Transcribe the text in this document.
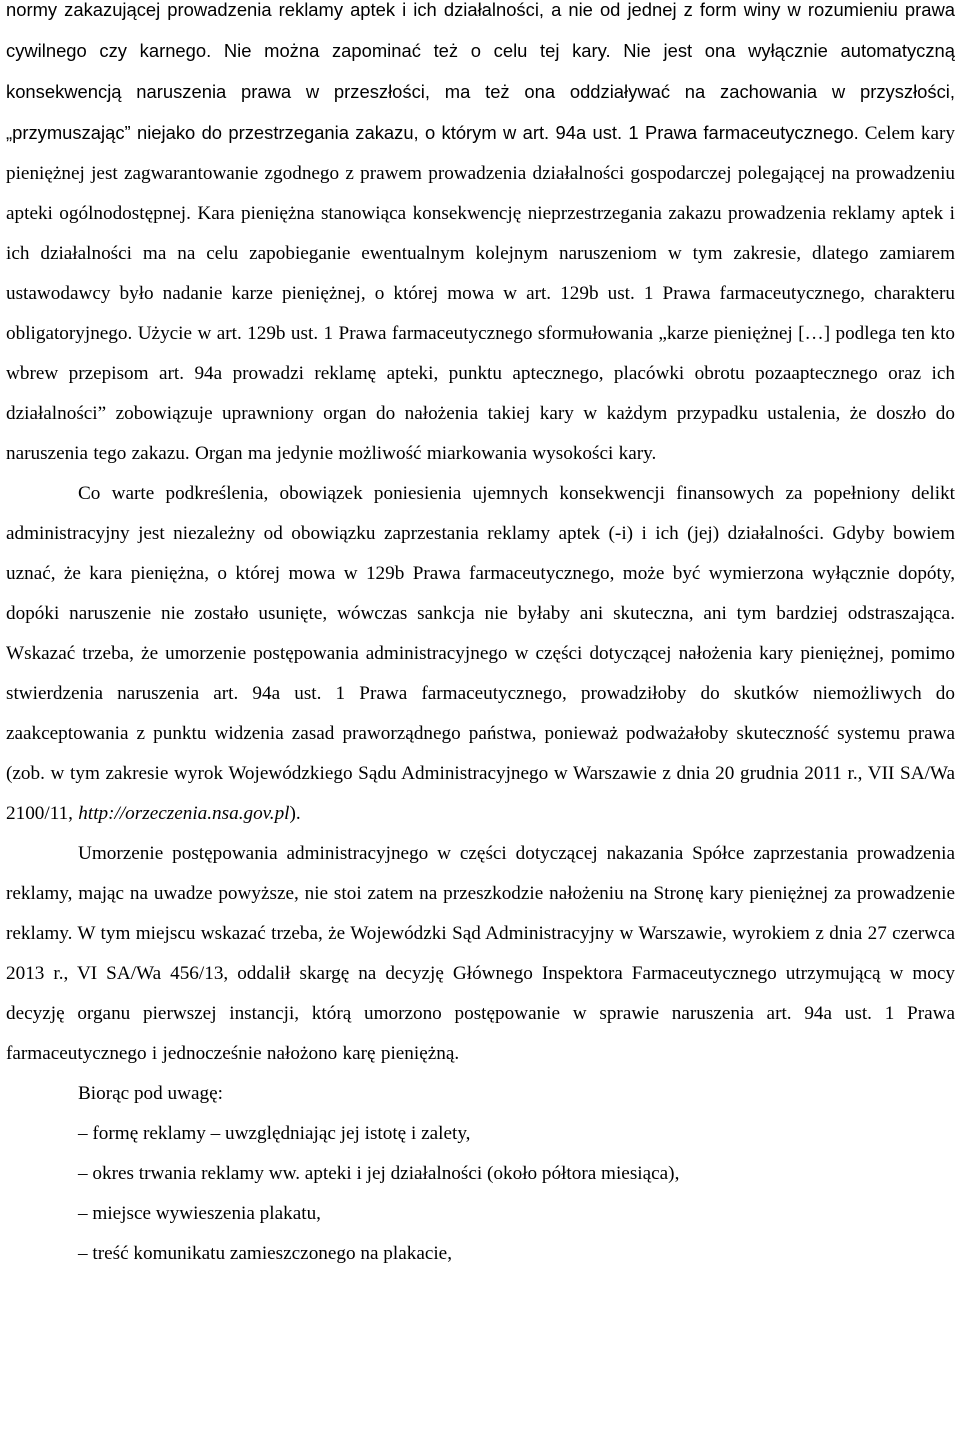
normy zakazującej prowadzenia reklamy aptek i ich działalności, a nie od jednej z form winy w rozumieniu prawa cywilnego czy karnego. Nie można zapominać też o celu tej kary. Nie jest ona wyłącznie automatyczną konsekwencją naruszenia prawa w przeszłości, ma też ona oddziaływać na zachowania w przyszłości, „przymuszając” niejako do przestrzegania zakazu, o którym w art. 94a ust. 1 Prawa farmaceutycznego. Celem kary pieniężnej jest zagwarantowanie zgodnego z prawem prowadzenia działalności gospodarczej polegającej na prowadzeniu apteki ogólnodostępnej. Kara pieniężna stanowiąca konsekwencję nieprzestrzegania zakazu prowadzenia reklamy aptek i ich działalności ma na celu zapobieganie ewentualnym kolejnym naruszeniom w tym zakresie, dlatego zamiarem ustawodawcy było nadanie karze pieniężnej, o której mowa w art. 129b ust. 1 Prawa farmaceutycznego, charakteru obligatoryjnego. Użycie w art. 129b ust. 1 Prawa farmaceutycznego sformułowania „karze pieniężnej […] podlega ten kto wbrew przepisom art. 94a prowadzi reklamę apteki, punktu aptecznego, placówki obrotu pozaaptecznego oraz ich działalności” zobowiązuje uprawniony organ do nałożenia takiej kary w każdym przypadku ustalenia, że doszło do naruszenia tego zakazu. Organ ma jedynie możliwość miarkowania wysokości kary.

Co warte podkreślenia, obowiązek poniesienia ujemnych konsekwencji finansowych za popełniony delikt administracyjny jest niezależny od obowiązku zaprzestania reklamy aptek (-i) i ich (jej) działalności. Gdyby bowiem uznać, że kara pieniężna, o której mowa w 129b Prawa farmaceutycznego, może być wymierzona wyłącznie dopóty, dopóki naruszenie nie zostało usunięte, wówczas sankcja nie byłaby ani skuteczna, ani tym bardziej odstraszająca. Wskazać trzeba, że umorzenie postępowania administracyjnego w części dotyczącej nałożenia kary pieniężnej, pomimo stwierdzenia naruszenia art. 94a ust. 1 Prawa farmaceutycznego, prowadziłoby do skutków niemożliwych do zaakceptowania z punktu widzenia zasad praworządnego państwa, ponieważ podważałoby skuteczność systemu prawa (zob. w tym zakresie wyrok Wojewódzkiego Sądu Administracyjnego w Warszawie z dnia 20 grudnia 2011 r., VII SA/Wa 2100/11, http://orzeczenia.nsa.gov.pl).

Umorzenie postępowania administracyjnego w części dotyczącej nakazania Spółce zaprzestania prowadzenia reklamy, mając na uwadze powyższe, nie stoi zatem na przeszkodzie nałożeniu na Stronę kary pieniężnej za prowadzenie reklamy. W tym miejscu wskazać trzeba, że Wojewódzki Sąd Administracyjny w Warszawie, wyrokiem z dnia 27 czerwca 2013 r., VI SA/Wa 456/13, oddalił skargę na decyzję Głównego Inspektora Farmaceutycznego utrzymującą w mocy decyzję organu pierwszej instancji, którą umorzono postępowanie w sprawie naruszenia art. 94a ust. 1 Prawa farmaceutycznego i jednocześnie nałożono karę pieniężną.

Biorąc pod uwagę:

– formę reklamy – uwzględniając jej istotę i zalety,
– okres trwania reklamy ww. apteki i jej działalności (około półtora miesiąca),
– miejsce wywieszenia plakatu,
– treść komunikatu zamieszczonego na plakacie,
